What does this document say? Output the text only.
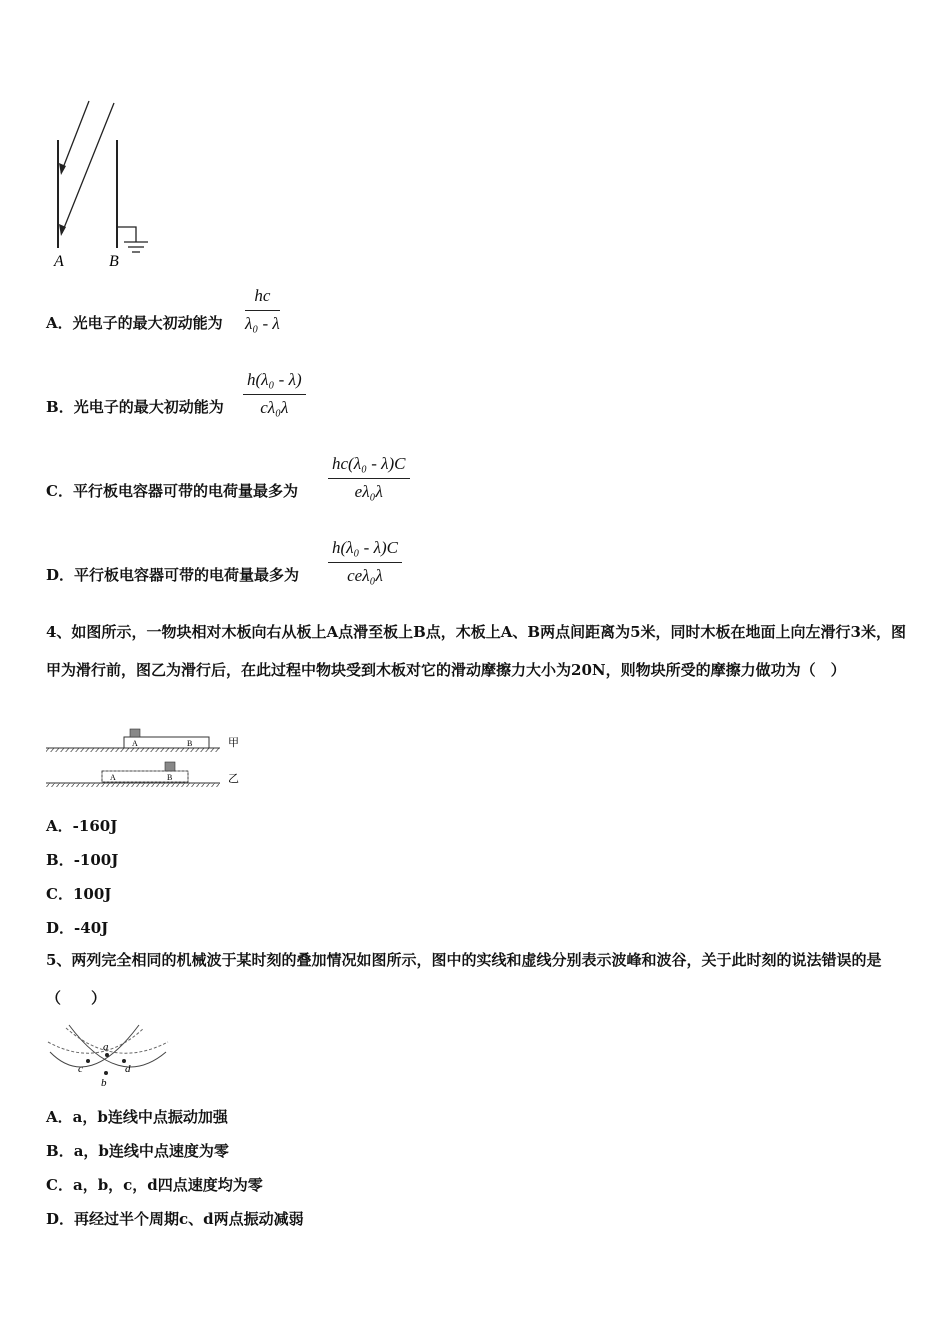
A	B
A．光电子的最大初动能为 $\frac{hc}{\text{λ₀ - λ}}$
B．光电子的最大初动能为 $\frac{\text{h(λ₀ - λ)}}{\text{cλ₀λ}}$
C．平行板电容器可带的电荷量最多为 $\frac{\text{hc(λ₀ - λ)C}}{\text{eλ₀λ}}$
D．平行板电容器可带的电荷量最多为
h(λ₀ - λ)C
ceλ₀λ
4、如图所示，一物块相对木板向右从板上A点滑至板上B点，木板上A、B两点间距离为5米，同时木板在地面上向左滑行3米，图甲为滑行前，图乙为滑行后，在此过程中物块受到木板对它的滑动摩擦力大小为20N，则物块所受的摩擦力做功为（　）
A	B	甲
A	B	乙
A．-160J
B．-100J
C．100J
D．-40J
5、两列完全相同的机械波于某时刻的叠加情况如图所示，图中的实线和虚线分别表示波峰和波谷，关于此时刻的说法错误的是（　　）
a
b
c	d
A．a，b连线中点振动加强
B．a，b连线中点速度为零
C．a，b，c，d四点速度均为零
D．再经过半个周期c、d两点振动减弱
